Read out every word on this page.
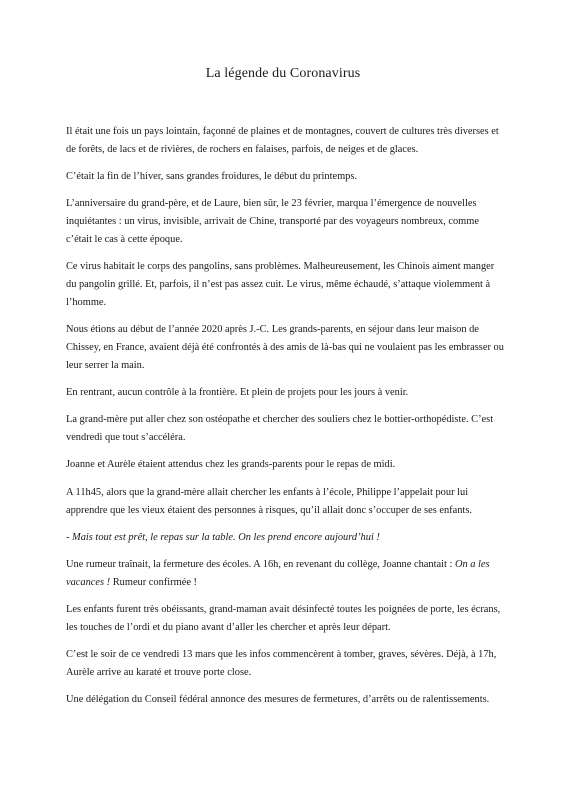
La légende du Coronavirus

Il était une fois un pays lointain, façonné de plaines et de montagnes, couvert de cultures très diverses et de forêts, de lacs et de rivières, de rochers en falaises, parfois, de neiges et de glaces.

C’était la fin de l’hiver, sans grandes froidures, le début du printemps.

L’anniversaire du grand-père, et de Laure, bien sûr, le 23 février, marqua l’émergence de nouvelles inquiétantes : un virus, invisible, arrivait de Chine, transporté par des voyageurs nombreux, comme c’était le cas à cette époque.

Ce virus habitait le corps des pangolins, sans problèmes. Malheureusement, les Chinois aiment manger du pangolin grillé. Et, parfois, il n’est pas assez cuit. Le virus, même échaudé, s’attaque violemment à l’homme.

Nous étions au début de l’année 2020 après J.-C. Les grands-parents, en séjour dans leur maison de Chissey, en France, avaient déjà été confrontés à des amis de là-bas qui ne voulaient pas les embrasser ou leur serrer la main.

En rentrant, aucun contrôle à la frontière. Et plein de projets pour les jours à venir.

La grand-mère put aller chez son ostéopathe et chercher des souliers chez le bottier-orthopédiste. C’est vendredi que tout s’accéléra.

Joanne et Aurèle étaient attendus chez les grands-parents pour le repas de midi.

A 11h45, alors que la grand-mère allait chercher les enfants à l’école, Philippe l’appelait pour lui apprendre que les vieux étaient des personnes à risques, qu’il allait donc s’occuper de ses enfants.

- Mais tout est prêt, le repas sur la table. On les prend encore aujourd’hui !

Une rumeur traînait, la fermeture des écoles. A 16h, en revenant du collège, Joanne chantait : On a les vacances ! Rumeur confirmée !

Les enfants furent très obéissants, grand-maman avait désinfecté toutes les poignées de porte, les écrans, les touches de l’ordi et du piano avant d’aller les chercher et après leur départ.

C’est le soir de ce vendredi 13 mars que les infos commencèrent à tomber, graves, sévères. Déjà, à 17h, Aurèle arrive au karaté et trouve porte close.

Une délégation du Conseil fédéral annonce des mesures de fermetures, d’arrêts ou de ralentissements.
